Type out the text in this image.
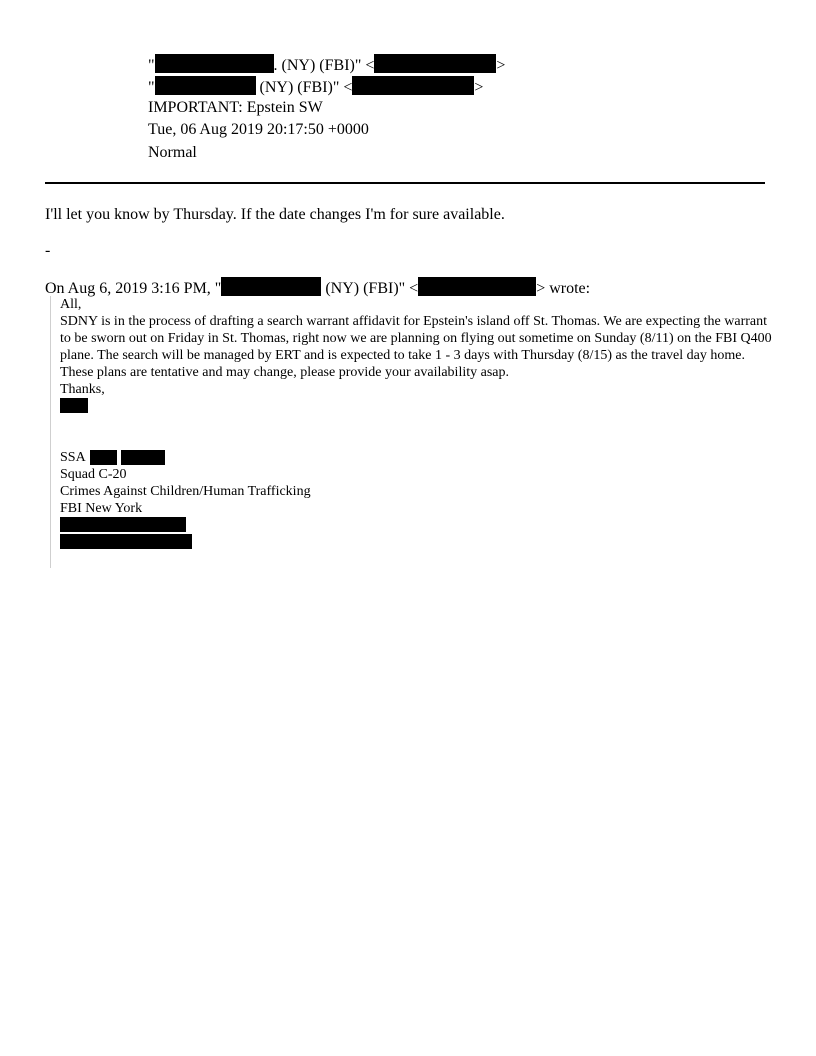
"	. (NY) (FBI)" <	>
"	(NY) (FBI)" <	>
IMPORTANT: Epstein SW
Tue, 06 Aug 2019 20:17:50 +0000
Normal
I'll let you know by Thursday. If the date changes I'm for sure available.
-
On Aug 6, 2019 3:16 PM, "	(NY) (FBI)" <	> wrote:
All,
SDNY is in the process of drafting a search warrant affidavit for Epstein's island off St. Thomas. We are expecting the warrant to be sworn out on Friday in St. Thomas, right now we are planning on flying out sometime on Sunday (8/11) on the FBI Q400 plane. The search will be managed by ERT and is expected to take 1 - 3 days with Thursday (8/15) as the travel day home. These plans are tentative and may change, please provide your availability asap.
Thanks,
SSA
Squad C-20
Crimes Against Children/Human Trafficking
FBI New York
